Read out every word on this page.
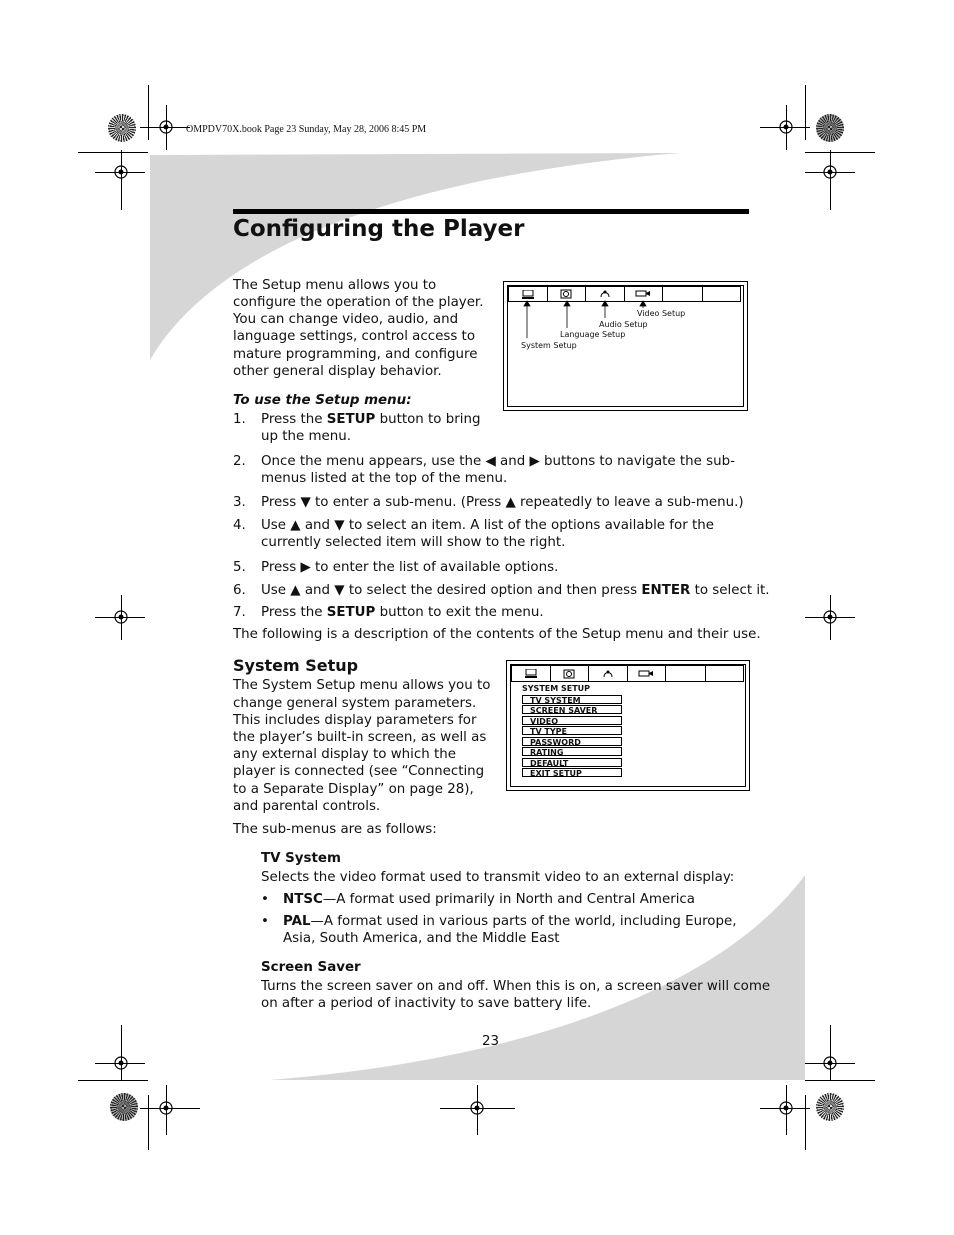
OMPDV70X.book Page 23 Sunday, May 28, 2006 8:45 PM
Configuring the Player
The Setup menu allows you to
configure the operation of the player.
You can change video, audio, and
language settings, control access to
mature programming, and configure
other general display behavior.
Video Setup
Audio Setup
Language Setup
System Setup
To use the Setup menu:
1. Press the SETUP button to bring
up the menu.
2. Once the menu appears, use the ◀ and ▶ buttons to navigate the sub-
menus listed at the top of the menu.
3. Press ▼ to enter a sub-menu. (Press ▲ repeatedly to leave a sub-menu.)
4. Use ▲ and ▼ to select an item. A list of the options available for the
currently selected item will show to the right.
5. Press ▶ to enter the list of available options.
6. Use ▲ and ▼ to select the desired option and then press ENTER to select it.
7. Press the SETUP button to exit the menu.
The following is a description of the contents of the Setup menu and their use.
System Setup
The System Setup menu allows you to
change general system parameters.
This includes display parameters for
the player’s built-in screen, as well as
any external display to which the
player is connected (see “Connecting
to a Separate Display” on page 28),
and parental controls.
The sub-menus are as follows:
SYSTEM SETUP
TV SYSTEM
SCREEN SAVER
VIDEO
TV TYPE
PASSWORD
RATING
DEFAULT
EXIT SETUP
TV System
Selects the video format used to transmit video to an external display:
• NTSC—A format used primarily in North and Central America
• PAL—A format used in various parts of the world, including Europe,
Asia, South America, and the Middle East
Screen Saver
Turns the screen saver on and off. When this is on, a screen saver will come
on after a period of inactivity to save battery life.
23
